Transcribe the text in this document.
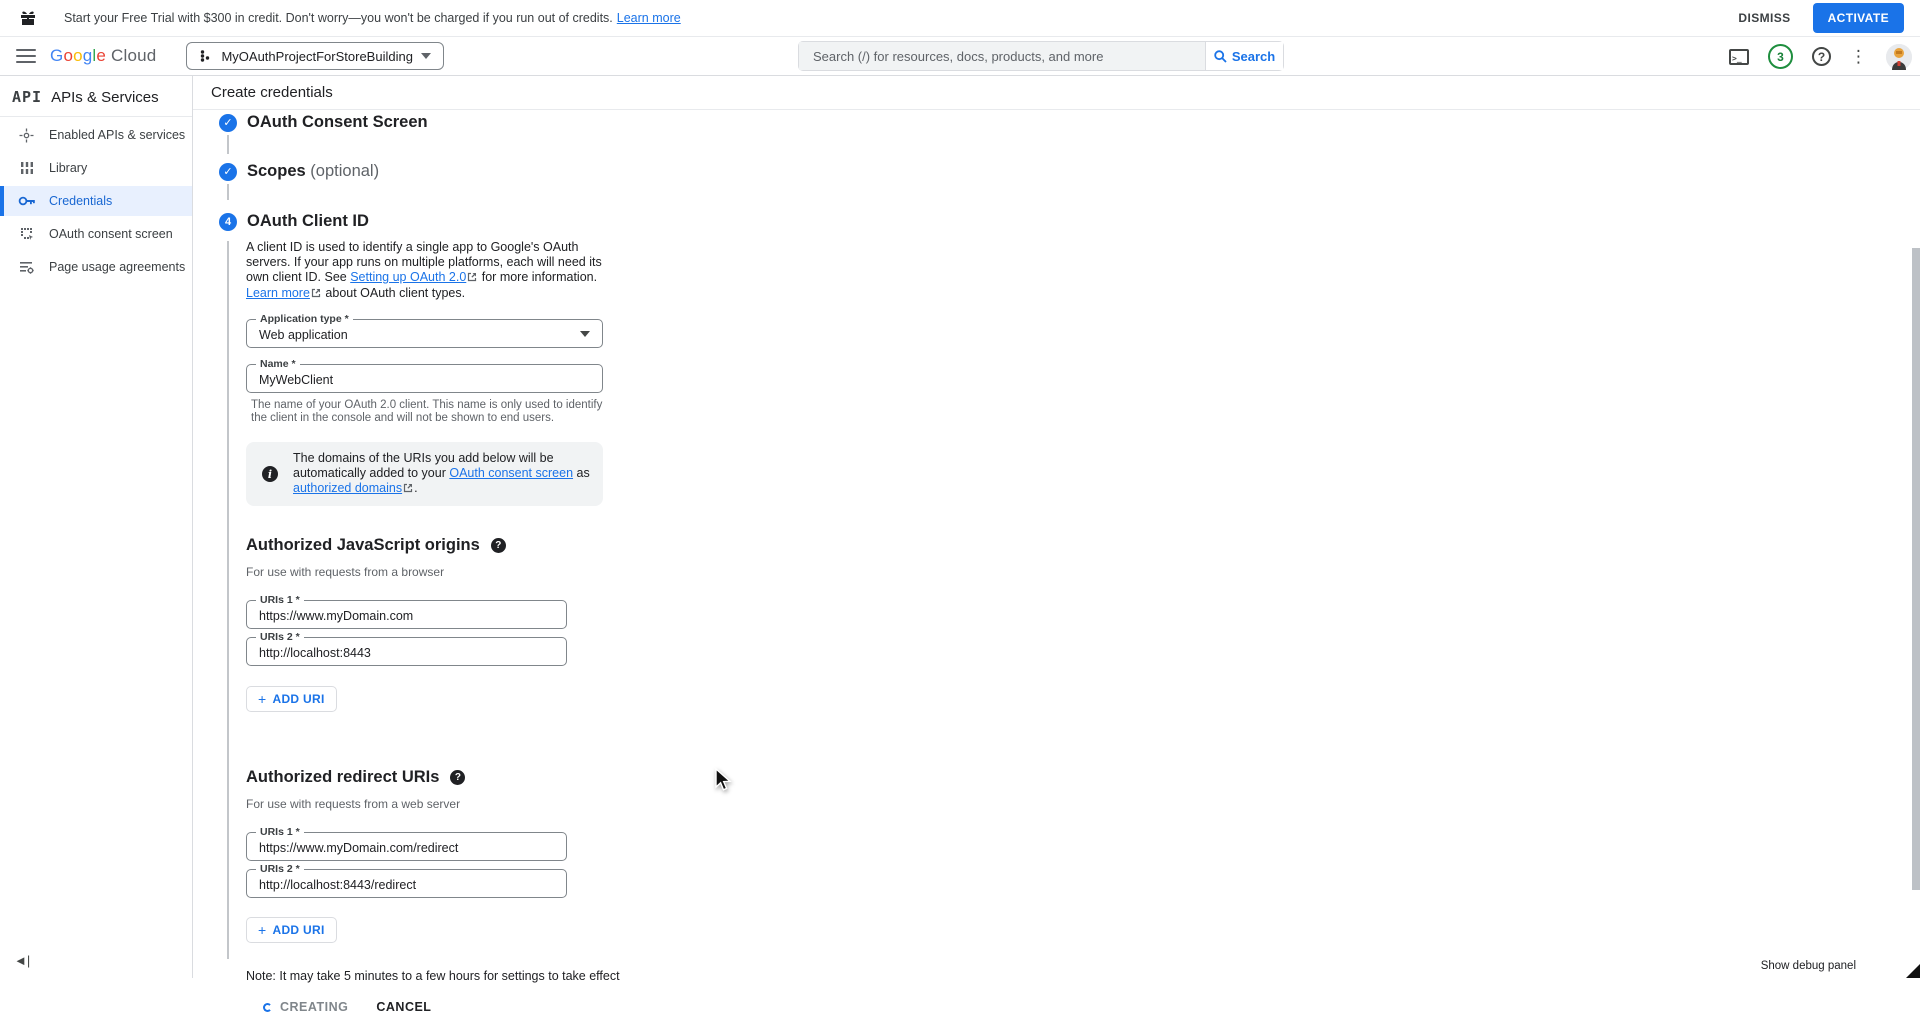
Start your Free Trial with $300 in credit. Don't worry—you won't be charged if you run out of credits. Learn more	DISMISS	ACTIVATE
Google Cloud	MyOAuthProjectForStoreBuilding
Search (/) for resources, docs, products, and more	Search	>_	3	?	⋮
API APIs & Services
Enabled APIs & services
Library
Credentials
OAuth consent screen
Page usage agreements
◄|
Create credentials
✓ OAuth Consent Screen
✓ Scopes (optional)
4 OAuth Client ID

A client ID is used to identify a single app to Google's OAuth servers. If your app runs on multiple platforms, each will need its own client ID. See Setting up OAuth 2.0 for more information. Learn more about OAuth client types.

Application type *
Web application
Name *
MyWebClient

The name of your OAuth 2.0 client. This name is only used to identify the client in the console and will not be shown to end users.

i
The domains of the URIs you add below will be automatically added to your OAuth consent screen as authorized domains .
Authorized JavaScript origins	?

For use with requests from a browser

URIs 1 *
https://www.myDomain.com
URIs 2 *
http://localhost:8443
+ ADD URI
Authorized redirect URIs	?

For use with requests from a web server

URIs 1 *
https://www.myDomain.com/redirect
URIs 2 *
http://localhost:8443/redirect
+ ADD URI

Note: It may take 5 minutes to a few hours for settings to take effect

CREATING CANCEL
Show debug panel
